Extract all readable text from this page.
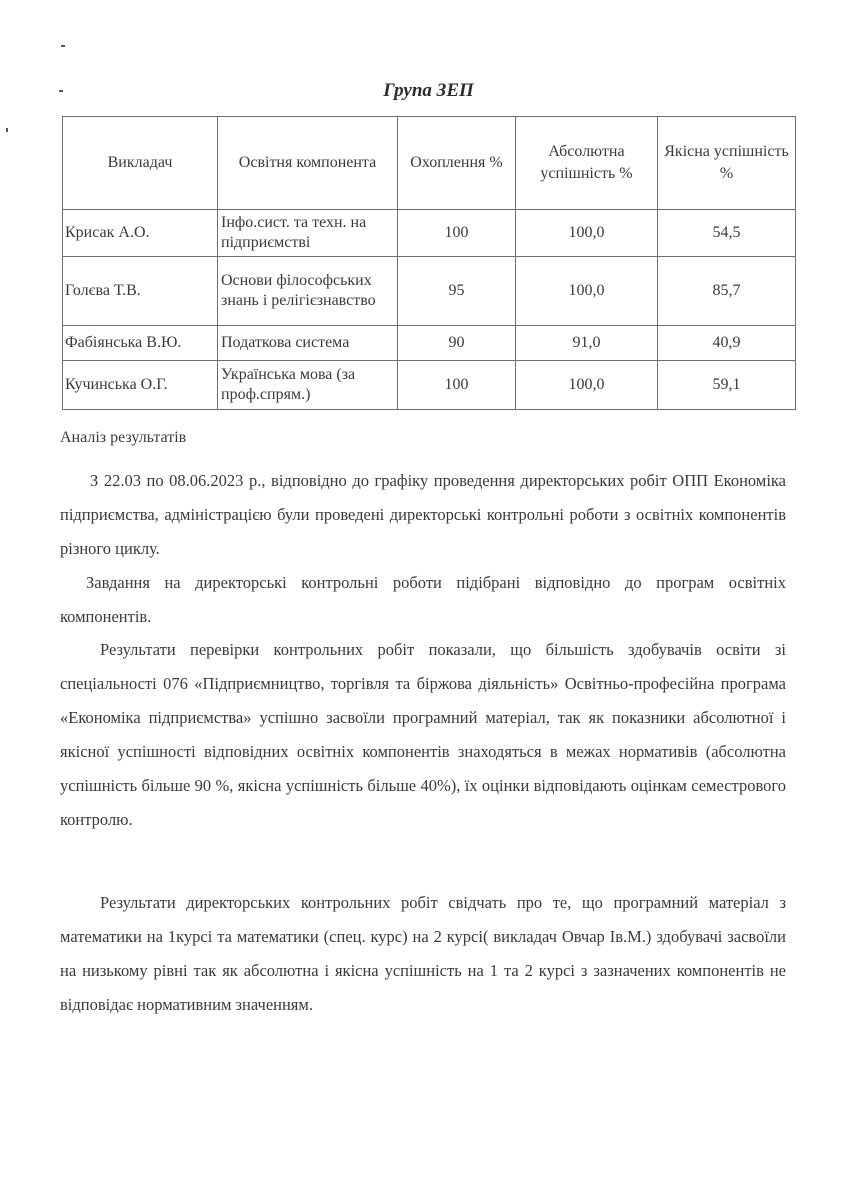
Група ЗЕП
Викладач	Освітня компонента	Охоплення %	Абсолютна успішність %	Якісна успішність %
Крисак А.О.	Інфо.сист. та техн. на підприємстві	100	100,0	54,5
Голєва Т.В.	Основи філософських знань і релігієзнавство	95	100,0	85,7
Фабіянська В.Ю.	Податкова система	90	91,0	40,9
Кучинська О.Г.	Українська мова (за проф.спрям.)	100	100,0	59,1
Аналіз результатів

З 22.03 по 08.06.2023 р., відповідно до графіку проведення директорських робіт ОПП Економіка підприємства, адміністрацією були проведені директорські контрольні роботи з освітніх компонентів різного циклу.

Завдання на директорські контрольні роботи підібрані відповідно до програм освітніх компонентів.

Результати перевірки контрольних робіт показали, що більшість здобувачів освіти зі спеціальності 076 «Підприємництво, торгівля та біржова діяльність» Освітньо-професійна програма «Економіка підприємства» успішно засвоїли програмний матеріал, так як показники абсолютної і якісної успішності відповідних освітніх компонентів знаходяться в межах нормативів (абсолютна успішність більше 90 %, якісна успішність більше 40%), їх оцінки відповідають оцінкам семестрового контролю.

Результати директорських контрольних робіт свідчать про те, що програмний матеріал з математики на 1курсі та математики (спец. курс) на 2 курсі( викладач Овчар Ів.М.) здобувачі засвоїли на низькому рівні так як абсолютна і якісна успішність на 1 та 2 курсі з зазначених компонентів не відповідає нормативним значенням.
